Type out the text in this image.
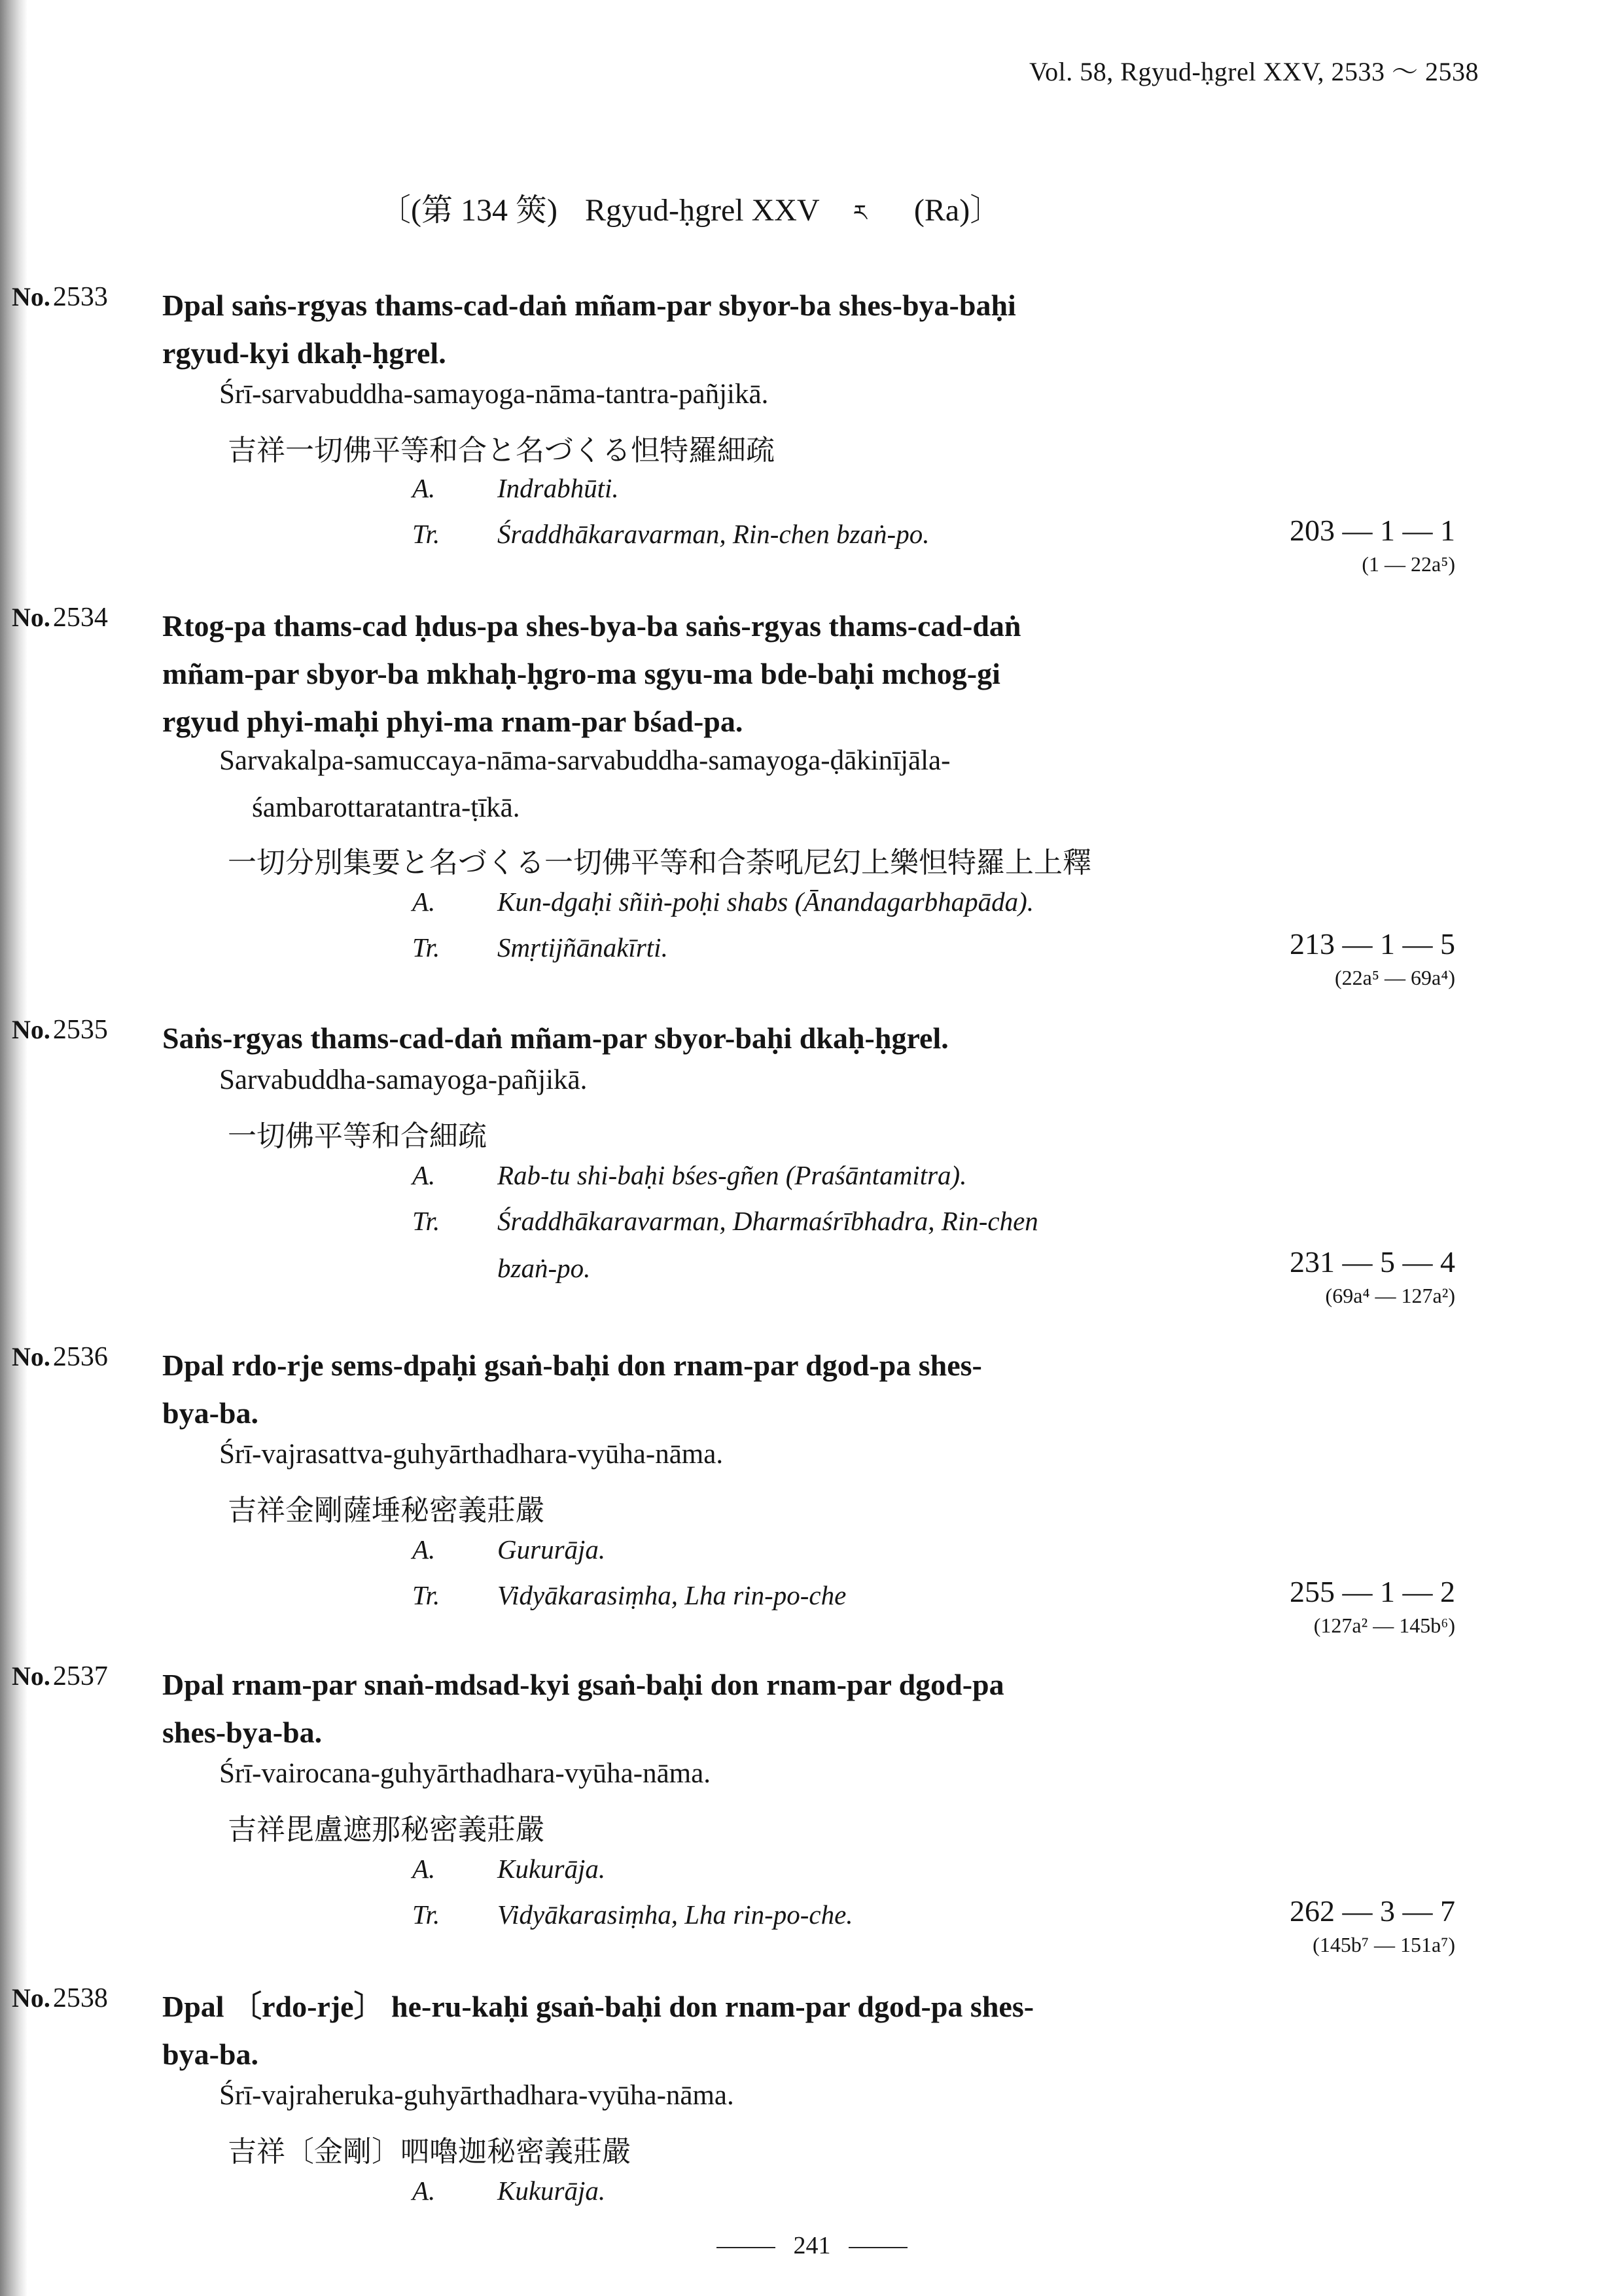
Vol. 58, Rgyud-ḥgrel XXV, 2533 ～ 2538
〔(第 134 筴) Rgyud-ḥgrel XXV ཪ (Ra)〕
No.2533 Dpal saṅs-rgyas thams-cad-daṅ mñam-par sbyor-ba shes-bya-baḥi
rgyud-kyi dkaḥ-ḥgrel.
Śrī-sarvabuddha-samayoga-nāma-tantra-pañjikā.
吉祥一切佛平等和合と名づくる怛特羅細疏
A. Indrabhūti.
Tr. Śraddhākaravarman, Rin-chen bzaṅ-po.	203 — 1 — 1
(1 — 22a⁵)
No.2534 Rtog-pa thams-cad ḥdus-pa shes-bya-ba saṅs-rgyas thams-cad-daṅ
mñam-par sbyor-ba mkhaḥ-ḥgro-ma sgyu-ma bde-baḥi mchog-gi
rgyud phyi-maḥi phyi-ma rnam-par bśad-pa.
Sarvakalpa-samuccaya-nāma-sarvabuddha-samayoga-ḍākinījāla-
śambarottaratantra-ṭīkā.
一切分別集要と名づくる一切佛平等和合荼吼尼幻上樂怛特羅上上釋
A. Kun-dgaḥi sñiṅ-poḥi shabs (Ānandagarbhapāda).
Tr. Smṛtijñānakīrti.	213 — 1 — 5
(22a⁵ — 69a⁴)
No.2535 Saṅs-rgyas thams-cad-daṅ mñam-par sbyor-baḥi dkaḥ-ḥgrel.
Sarvabuddha-samayoga-pañjikā.
一切佛平等和合細疏
A. Rab-tu shi-baḥi bśes-gñen (Praśāntamitra).
Tr. Śraddhākaravarman, Dharmaśrībhadra, Rin-chen
bzaṅ-po.	231 — 5 — 4
(69a⁴ — 127a²)
No.2536 Dpal rdo-rje sems-dpaḥi gsaṅ-baḥi don rnam-par dgod-pa shes-
bya-ba.
Śrī-vajrasattva-guhyārthadhara-vyūha-nāma.
吉祥金剛薩埵秘密義莊嚴
A. Gururāja.
Tr. Vidyākarasiṃha, Lha rin-po-che	255 — 1 — 2
(127a² — 145b⁶)
No.2537 Dpal rnam-par snaṅ-mdsad-kyi gsaṅ-baḥi don rnam-par dgod-pa
shes-bya-ba.
Śrī-vairocana-guhyārthadhara-vyūha-nāma.
吉祥毘盧遮那秘密義莊嚴
A. Kukurāja.
Tr. Vidyākarasiṃha, Lha rin-po-che.	262 — 3 — 7
(145b⁷ — 151a⁷)
No.2538 Dpal 〔rdo-rje〕 he-ru-kaḥi gsaṅ-baḥi don rnam-par dgod-pa shes-
bya-ba.
Śrī-vajraheruka-guhyārthadhara-vyūha-nāma.
吉祥〔金剛〕呬嚕迦秘密義莊嚴
A. Kukurāja.
241
